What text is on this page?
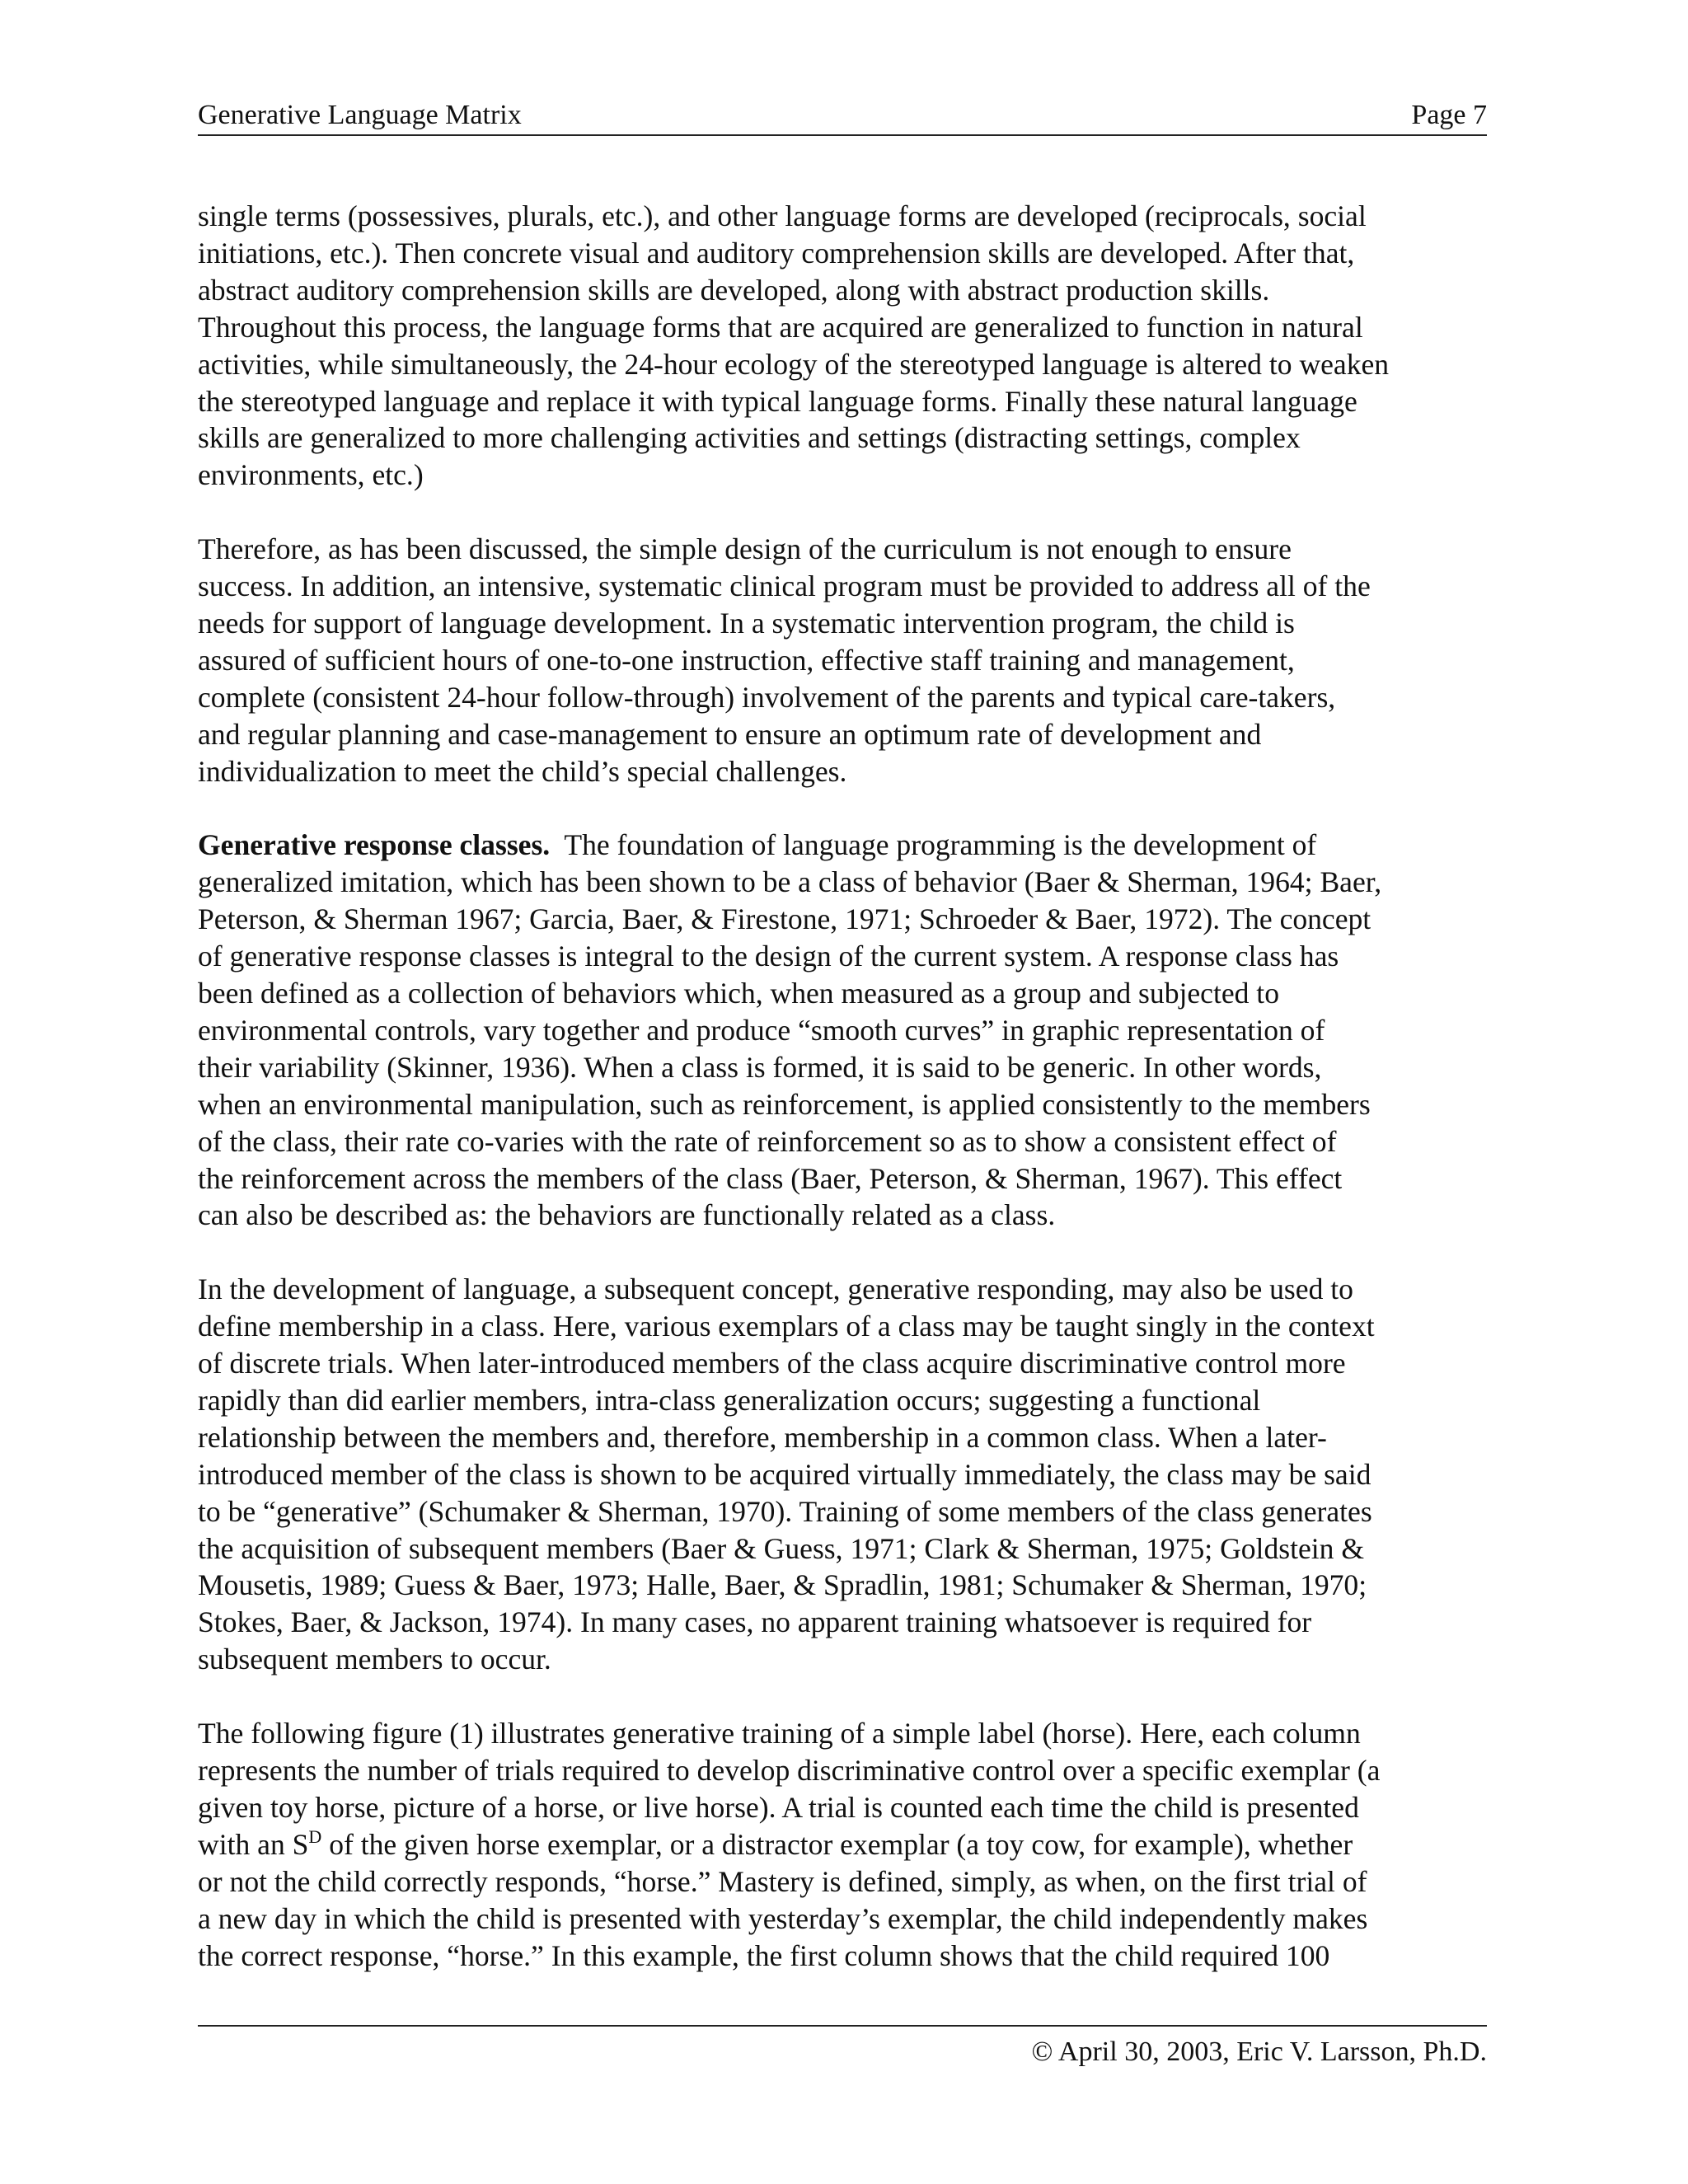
Generative Language Matrix	Page 7

single terms (possessives, plurals, etc.), and other language forms are developed (reciprocals, social
initiations, etc.). Then concrete visual and auditory comprehension skills are developed. After that,
abstract auditory comprehension skills are developed, along with abstract production skills.
Throughout this process, the language forms that are acquired are generalized to function in natural
activities, while simultaneously, the 24-hour ecology of the stereotyped language is altered to weaken
the stereotyped language and replace it with typical language forms. Finally these natural language
skills are generalized to more challenging activities and settings (distracting settings, complex
environments, etc.)

Therefore, as has been discussed, the simple design of the curriculum is not enough to ensure
success. In addition, an intensive, systematic clinical program must be provided to address all of the
needs for support of language development. In a systematic intervention program, the child is
assured of sufficient hours of one-to-one instruction, effective staff training and management,
complete (consistent 24-hour follow-through) involvement of the parents and typical care-takers,
and regular planning and case-management to ensure an optimum rate of development and
individualization to meet the child’s special challenges.

Generative response classes.  The foundation of language programming is the development of
generalized imitation, which has been shown to be a class of behavior (Baer & Sherman, 1964; Baer,
Peterson, & Sherman 1967; Garcia, Baer, & Firestone, 1971; Schroeder & Baer, 1972). The concept
of generative response classes is integral to the design of the current system. A response class has
been defined as a collection of behaviors which, when measured as a group and subjected to
environmental controls, vary together and produce “smooth curves” in graphic representation of
their variability (Skinner, 1936). When a class is formed, it is said to be generic. In other words,
when an environmental manipulation, such as reinforcement, is applied consistently to the members
of the class, their rate co-varies with the rate of reinforcement so as to show a consistent effect of
the reinforcement across the members of the class (Baer, Peterson, & Sherman, 1967). This effect
can also be described as: the behaviors are functionally related as a class.

In the development of language, a subsequent concept, generative responding, may also be used to
define membership in a class. Here, various exemplars of a class may be taught singly in the context
of discrete trials. When later-introduced members of the class acquire discriminative control more
rapidly than did earlier members, intra-class generalization occurs; suggesting a functional
relationship between the members and, therefore, membership in a common class. When a later-
introduced member of the class is shown to be acquired virtually immediately, the class may be said
to be “generative” (Schumaker & Sherman, 1970). Training of some members of the class generates
the acquisition of subsequent members (Baer & Guess, 1971; Clark & Sherman, 1975; Goldstein &
Mousetis, 1989; Guess & Baer, 1973; Halle, Baer, & Spradlin, 1981; Schumaker & Sherman, 1970;
Stokes, Baer, & Jackson, 1974). In many cases, no apparent training whatsoever is required for
subsequent members to occur.

The following figure (1) illustrates generative training of a simple label (horse). Here, each column
represents the number of trials required to develop discriminative control over a specific exemplar (a
given toy horse, picture of a horse, or live horse). A trial is counted each time the child is presented
with an $S^D$ of the given horse exemplar, or a distractor exemplar (a toy cow, for example), whether
or not the child correctly responds, “horse.” Mastery is defined, simply, as when, on the first trial of
a new day in which the child is presented with yesterday’s exemplar, the child independently makes
the correct response, “horse.” In this example, the first column shows that the child required 100

© April 30, 2003, Eric V. Larsson, Ph.D.
